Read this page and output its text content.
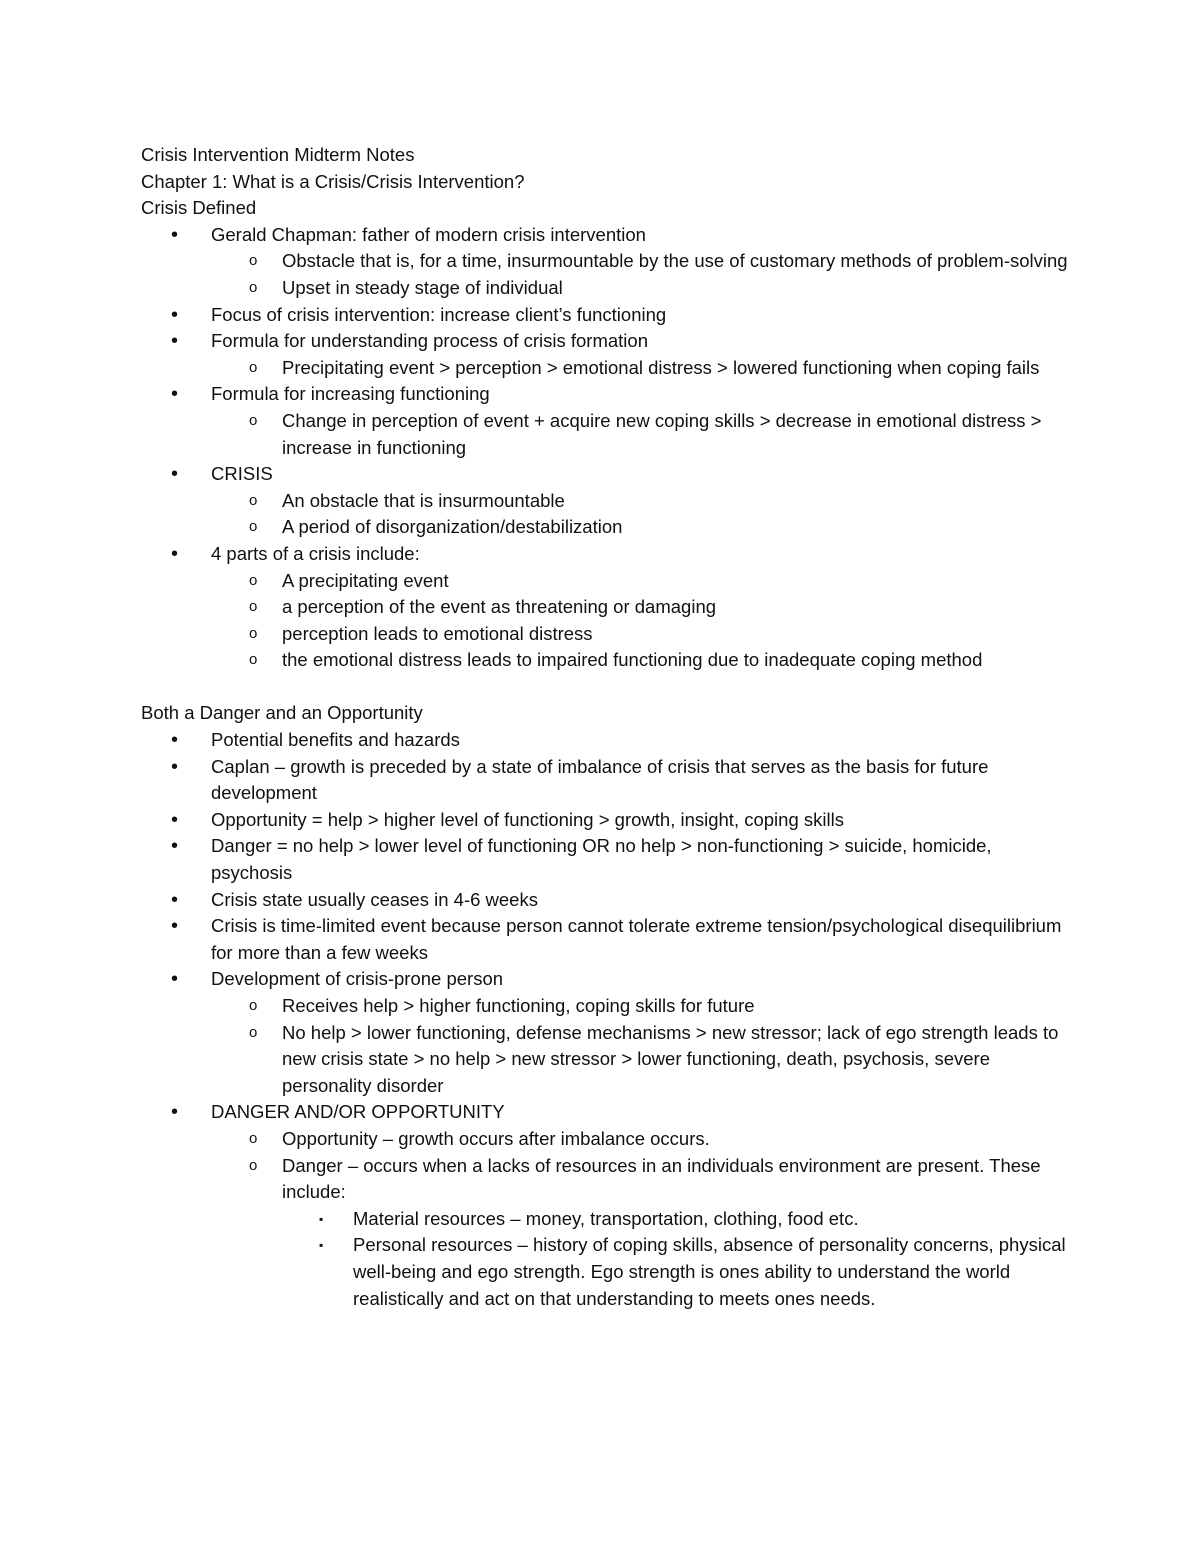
Crisis Intervention Midterm Notes

Chapter 1: What is a Crisis/Crisis Intervention?

Crisis Defined

• Gerald Chapman: father of modern crisis intervention
o Obstacle that is, for a time, insurmountable by the use of customary methods of problem-solving
o Upset in steady stage of individual
• Focus of crisis intervention: increase client’s functioning
• Formula for understanding process of crisis formation
o Precipitating event > perception > emotional distress > lowered functioning when coping fails
• Formula for increasing functioning
o Change in perception of event + acquire new coping skills > decrease in emotional distress > increase in functioning
• CRISIS
o An obstacle that is insurmountable
o A period of disorganization/destabilization
• 4 parts of a crisis include:
o A precipitating event
o a perception of the event as threatening or damaging
o perception leads to emotional distress
o the emotional distress leads to impaired functioning due to inadequate coping method

Both a Danger and an Opportunity

• Potential benefits and hazards
• Caplan – growth is preceded by a state of imbalance of crisis that serves as the basis for future development
• Opportunity = help > higher level of functioning > growth, insight, coping skills
• Danger = no help > lower level of functioning OR no help > non-functioning > suicide, homicide, psychosis
• Crisis state usually ceases in 4-6 weeks
• Crisis is time-limited event because person cannot tolerate extreme tension/psychological disequilibrium for more than a few weeks
• Development of crisis-prone person
o Receives help > higher functioning, coping skills for future
o No help > lower functioning, defense mechanisms > new stressor; lack of ego strength leads to new crisis state > no help > new stressor > lower functioning, death, psychosis, severe personality disorder
• DANGER AND/OR OPPORTUNITY
o Opportunity – growth occurs after imbalance occurs.
o Danger – occurs when a lacks of resources in an individuals environment are present. These include:
▪ Material resources – money, transportation, clothing, food etc.
▪ Personal resources – history of coping skills, absence of personality concerns, physical well-being and ego strength. Ego strength is ones ability to understand the world realistically and act on that understanding to meets ones needs.
